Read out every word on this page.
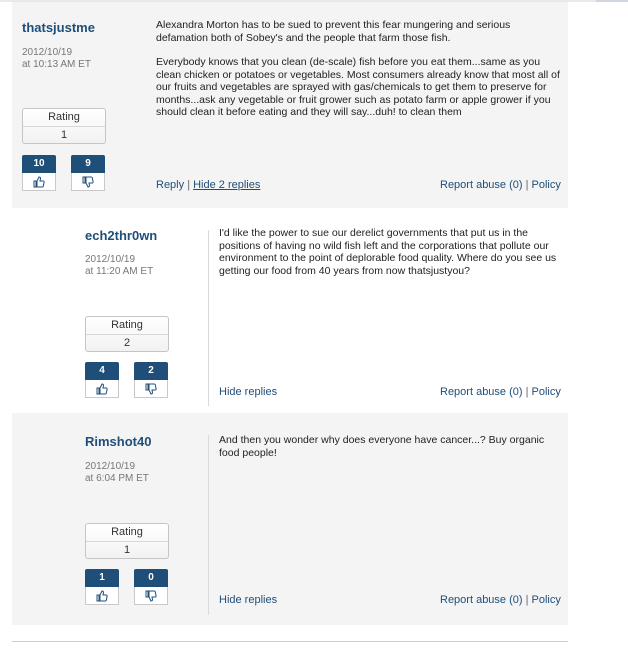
thatsjustme
2012/10/19
at 10:13 AM ET
Rating
1
10	9

Alexandra Morton has to be sued to prevent this fear mungering and serious defamation both of Sobey's and the people that farm those fish.

Everybody knows that you clean (de-scale) fish before you eat them...same as you clean chicken or potatoes or vegetables. Most consumers already know that most all of our fruits and vegetables are sprayed with gas/chemicals to get them to preserve for months...ask any vegetable or fruit grower such as potato farm or apple grower if you should clean it before eating and they will say...duh! to clean them

Reply | Hide 2 replies	Report abuse (0) | Policy
ech2thr0wn
2012/10/19
at 11:20 AM ET
Rating
2
4	2

I'd like the power to sue our derelict governments that put us in the positions of having no wild fish left and the corporations that pollute our environment to the point of deplorable food quality. Where do you see us getting our food from 40 years from now thatsjustyou?

Hide replies	Report abuse (0) | Policy
Rimshot40
2012/10/19
at 6:04 PM ET
Rating
1
1	0

And then you wonder why does everyone have cancer...? Buy organic food people!

Hide replies	Report abuse (0) | Policy
